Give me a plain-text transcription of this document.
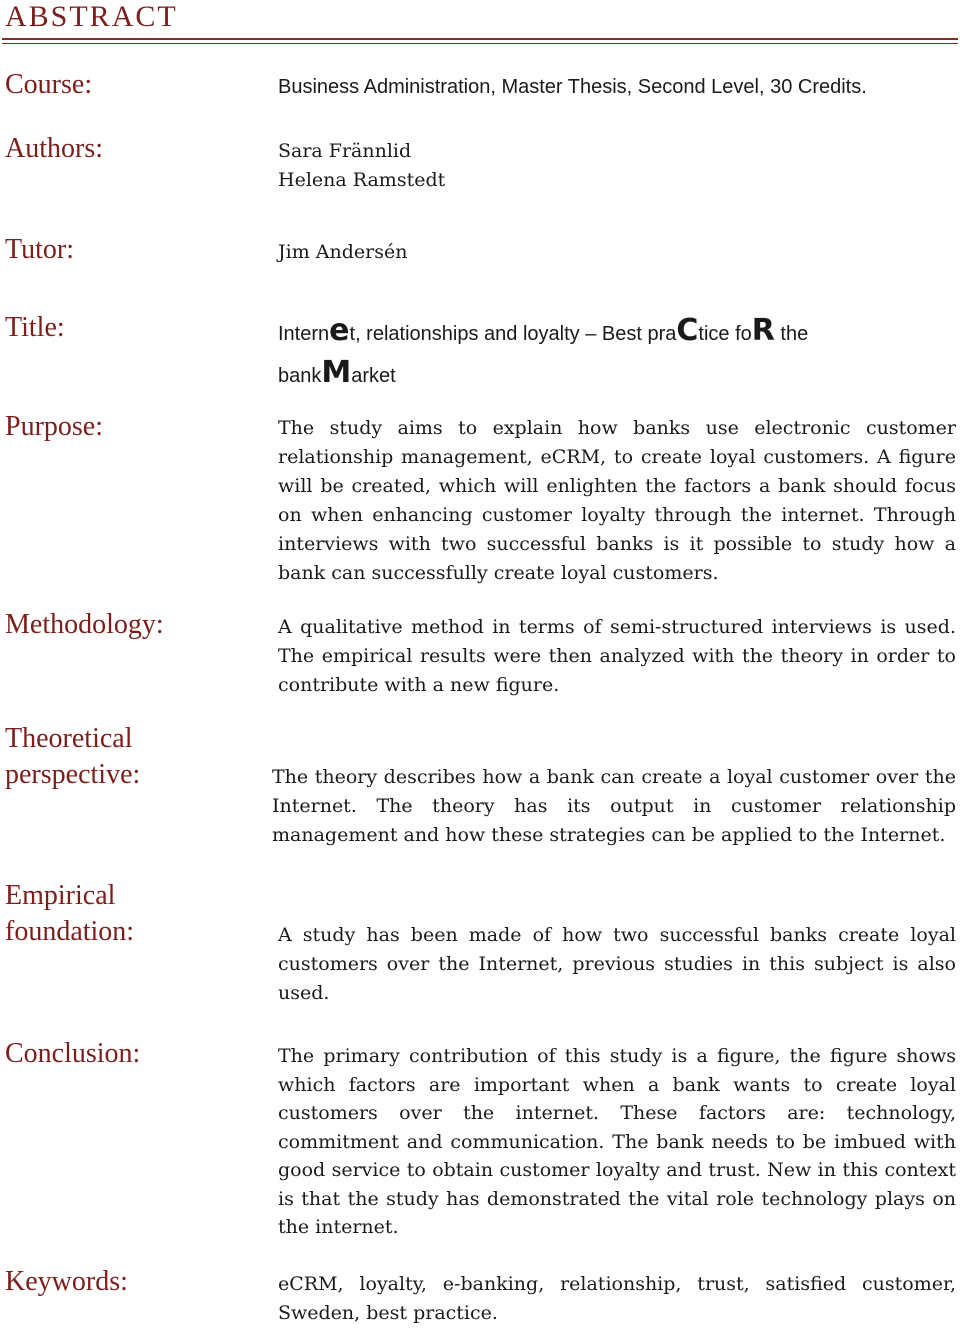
ABSTRACT
Course:	Business Administration, Master Thesis, Second Level, 30 Credits.
Authors:	Sara Frännlid
Helena Ramstedt
Tutor:	Jim Andersén
Title:	Internet, relationships and loyalty – Best praCtice foR the
bankMarket
Purpose:	The study aims to explain how banks use electronic customer relationship management, eCRM, to create loyal customers. A figure will be created, which will enlighten the factors a bank should focus on when enhancing customer loyalty through the internet. Through interviews with two successful banks is it possible to study how a bank can successfully create loyal customers.
Methodology:	A qualitative method in terms of semi-structured interviews is used. The empirical results were then analyzed with the theory in order to contribute with a new figure.
Theoretical
perspective:	The theory describes how a bank can create a loyal customer over the Internet. The theory has its output in customer relationship management and how these strategies can be applied to the Internet.
Empirical
foundation:	A study has been made of how two successful banks create loyal customers over the Internet, previous studies in this subject is also used.
Conclusion:	The primary contribution of this study is a figure, the figure shows which factors are important when a bank wants to create loyal customers over the internet. These factors are: technology, commitment and communication. The bank needs to be imbued with good service to obtain customer loyalty and trust. New in this context is that the study has demonstrated the vital role technology plays on the internet.
Keywords:	eCRM, loyalty, e-banking, relationship, trust, satisfied customer, Sweden, best practice.
